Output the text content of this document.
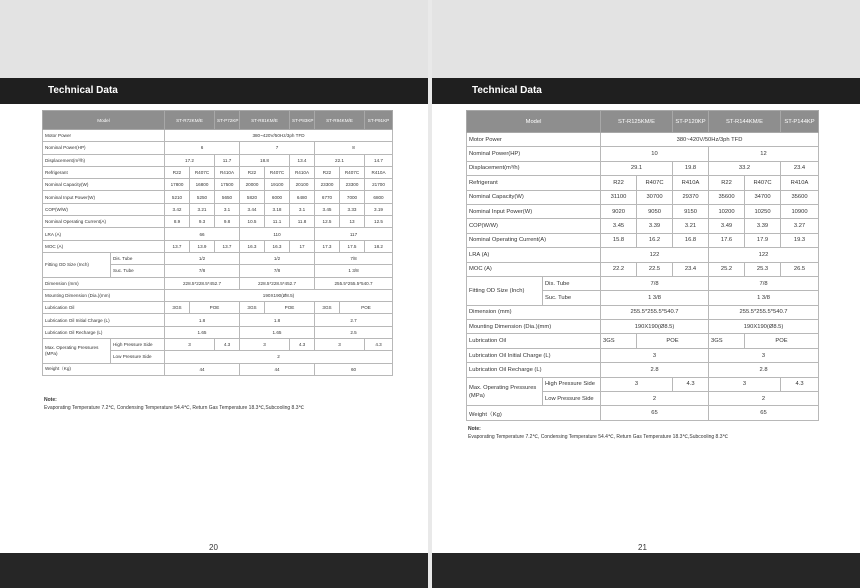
Technical Data
Model		ST-R72KM/E		ST-P72KP	ST-R81KM/E		ST-P83KP	ST-R94KM/E		ST-P91KP
Motor Power		380~420V/50Hz/3ph TFD								
Nominal Power(HP)		6			7			8		
Displacement(m³/h)		17.2		11.7	18.8		13.4	22.1		14.7
Refrigerant		R22	R407C	R410A	R22	R407C	R410A	R22	R407C	R410A
Nominal Capacity(W)		17800	16800	17500	20000	19100	20100	23300	23300	21700
Nominal Input Power(W)		5210	5250	5650	5820	6000	6480	6770	7000	6800
COP(W/W)		3.42	3.21	3.1	3.44	3.18	3.1	3.45	3.33	3.19
Nominal Operating Current(A)		8.9	9.3	9.8	10.5	11.1	11.8	12.5	13	12.5
LRA (A)		66			110			117		
MOC (A)		13.7	13.9	13.7	16.3	16.3	17	17.3	17.5	18.2
Fitting OD Size (Inch)	Dis. Tube	1/2			1/2			7/8		
	Suc. Tube	7/8			7/8			1 3/8		
Dimension (mm)		228.5*228.5*452.7			228.5*228.5*452.7			255.5*255.5*540.7		
Mounting Dimension (Dia.)(mm)		190X190(Ø8.5)								
Lubrication Oil		3GS	POE		3GS	POE		3GS	POE	
Lubrication Oil Initial Charge (L)		1.8			1.8			2.7		
Lubrication Oil Recharge (L)		1.65			1.65			2.5		
Max. Operating Pressures (MPa)	High Pressure Side	3		4.3	3		4.3	3		4.3
	Low Pressure Side	2								
Weight（Kg)		44			44			60		
Note:
Evaporating Temperature 7.2℃, Condensing Temperature 54.4℃, Return Gas Temperature 18.3℃,Subcooling 8.3℃
20
Technical Data
Model		ST-R125KM/E		ST-P120KP	ST-R144KM/E		ST-P144KP
Motor Power		380~420V/50Hz/3ph TFD					
Nominal Power(HP)		10			12		
Displacement(m³/h)		29.1		19.8	33.2		23.4
Refrigerant		R22	R407C	R410A	R22	R407C	R410A
Nominal Capacity(W)		31100	30700	29370	35600	34700	35600
Nominal Input Power(W)		9020	9050	9150	10200	10250	10900
COP(W/W)		3.45	3.39	3.21	3.49	3.39	3.27
Nominal Operating Current(A)		15.8	16.2	16.8	17.6	17.9	19.3
LRA (A)		122			122		
MOC (A)		22.2	22.5	23.4	25.2	25.3	26.5
Fitting OD Size (Inch)	Dis. Tube	7/8			7/8		
	Suc. Tube	1 3/8			1 3/8		
Dimension (mm)		255.5*255.5*540.7			255.5*255.5*540.7		
Mounting Dimension (Dia.)(mm)		190X190(Ø8.5)			190X190(Ø8.5)		
Lubrication Oil		3GS	POE		3GS	POE	
Lubrication Oil Initial Charge (L)		3			3		
Lubrication Oil Recharge (L)		2.8			2.8		
Max. Operating Pressures (MPa)	High Pressure Side	3		4.3	3		4.3
	Low Pressure Side	2			2		
Weight（Kg)		65			65		
Note:
Evaporating Temperature 7.2℃, Condensing Temperature 54.4℃, Return Gas Temperature 18.3℃,Subcooling 8.3℃
21
